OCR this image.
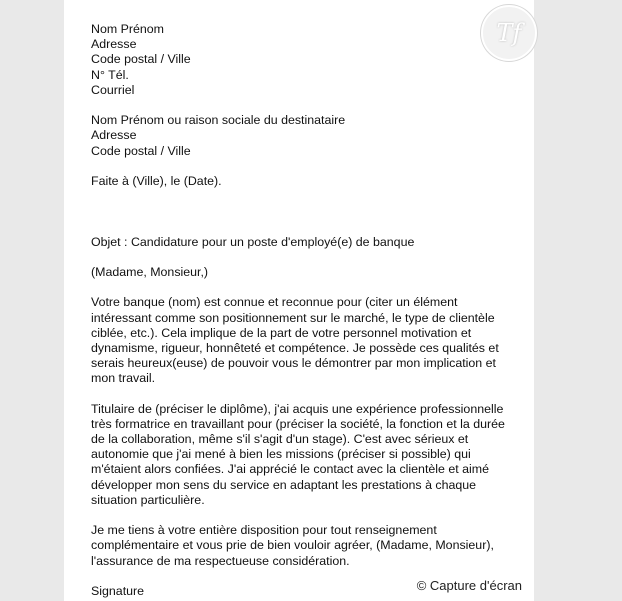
Nom Prénom
Adresse
Code postal / Ville
N° Tél.
Courriel
Nom Prénom ou raison sociale du destinataire
Adresse
Code postal / Ville
Faite à (Ville), le (Date).
Objet : Candidature pour un poste d'employé(e) de banque
(Madame, Monsieur,)
Votre banque (nom) est connue et reconnue pour (citer un élément
intéressant comme son positionnement sur le marché, le type de clientèle
ciblée, etc.). Cela implique de la part de votre personnel motivation et
dynamisme, rigueur, honnêteté et compétence. Je possède ces qualités et
serais heureux(euse) de pouvoir vous le démontrer par mon implication et
mon travail.
Titulaire de (préciser le diplôme), j'ai acquis une expérience professionnelle
très formatrice en travaillant pour (préciser la société, la fonction et la durée
de la collaboration, même s'il s'agit d'un stage). C'est avec sérieux et
autonomie que j'ai mené à bien les missions (préciser si possible) qui
m'étaient alors confiées. J'ai apprécié le contact avec la clientèle et aimé
développer mon sens du service en adaptant les prestations à chaque
situation particulière.
Je me tiens à votre entière disposition pour tout renseignement
complémentaire et vous prie de bien vouloir agréer, (Madame, Monsieur),
l'assurance de ma respectueuse considération.
Signature
Tf
© Capture d'écran
